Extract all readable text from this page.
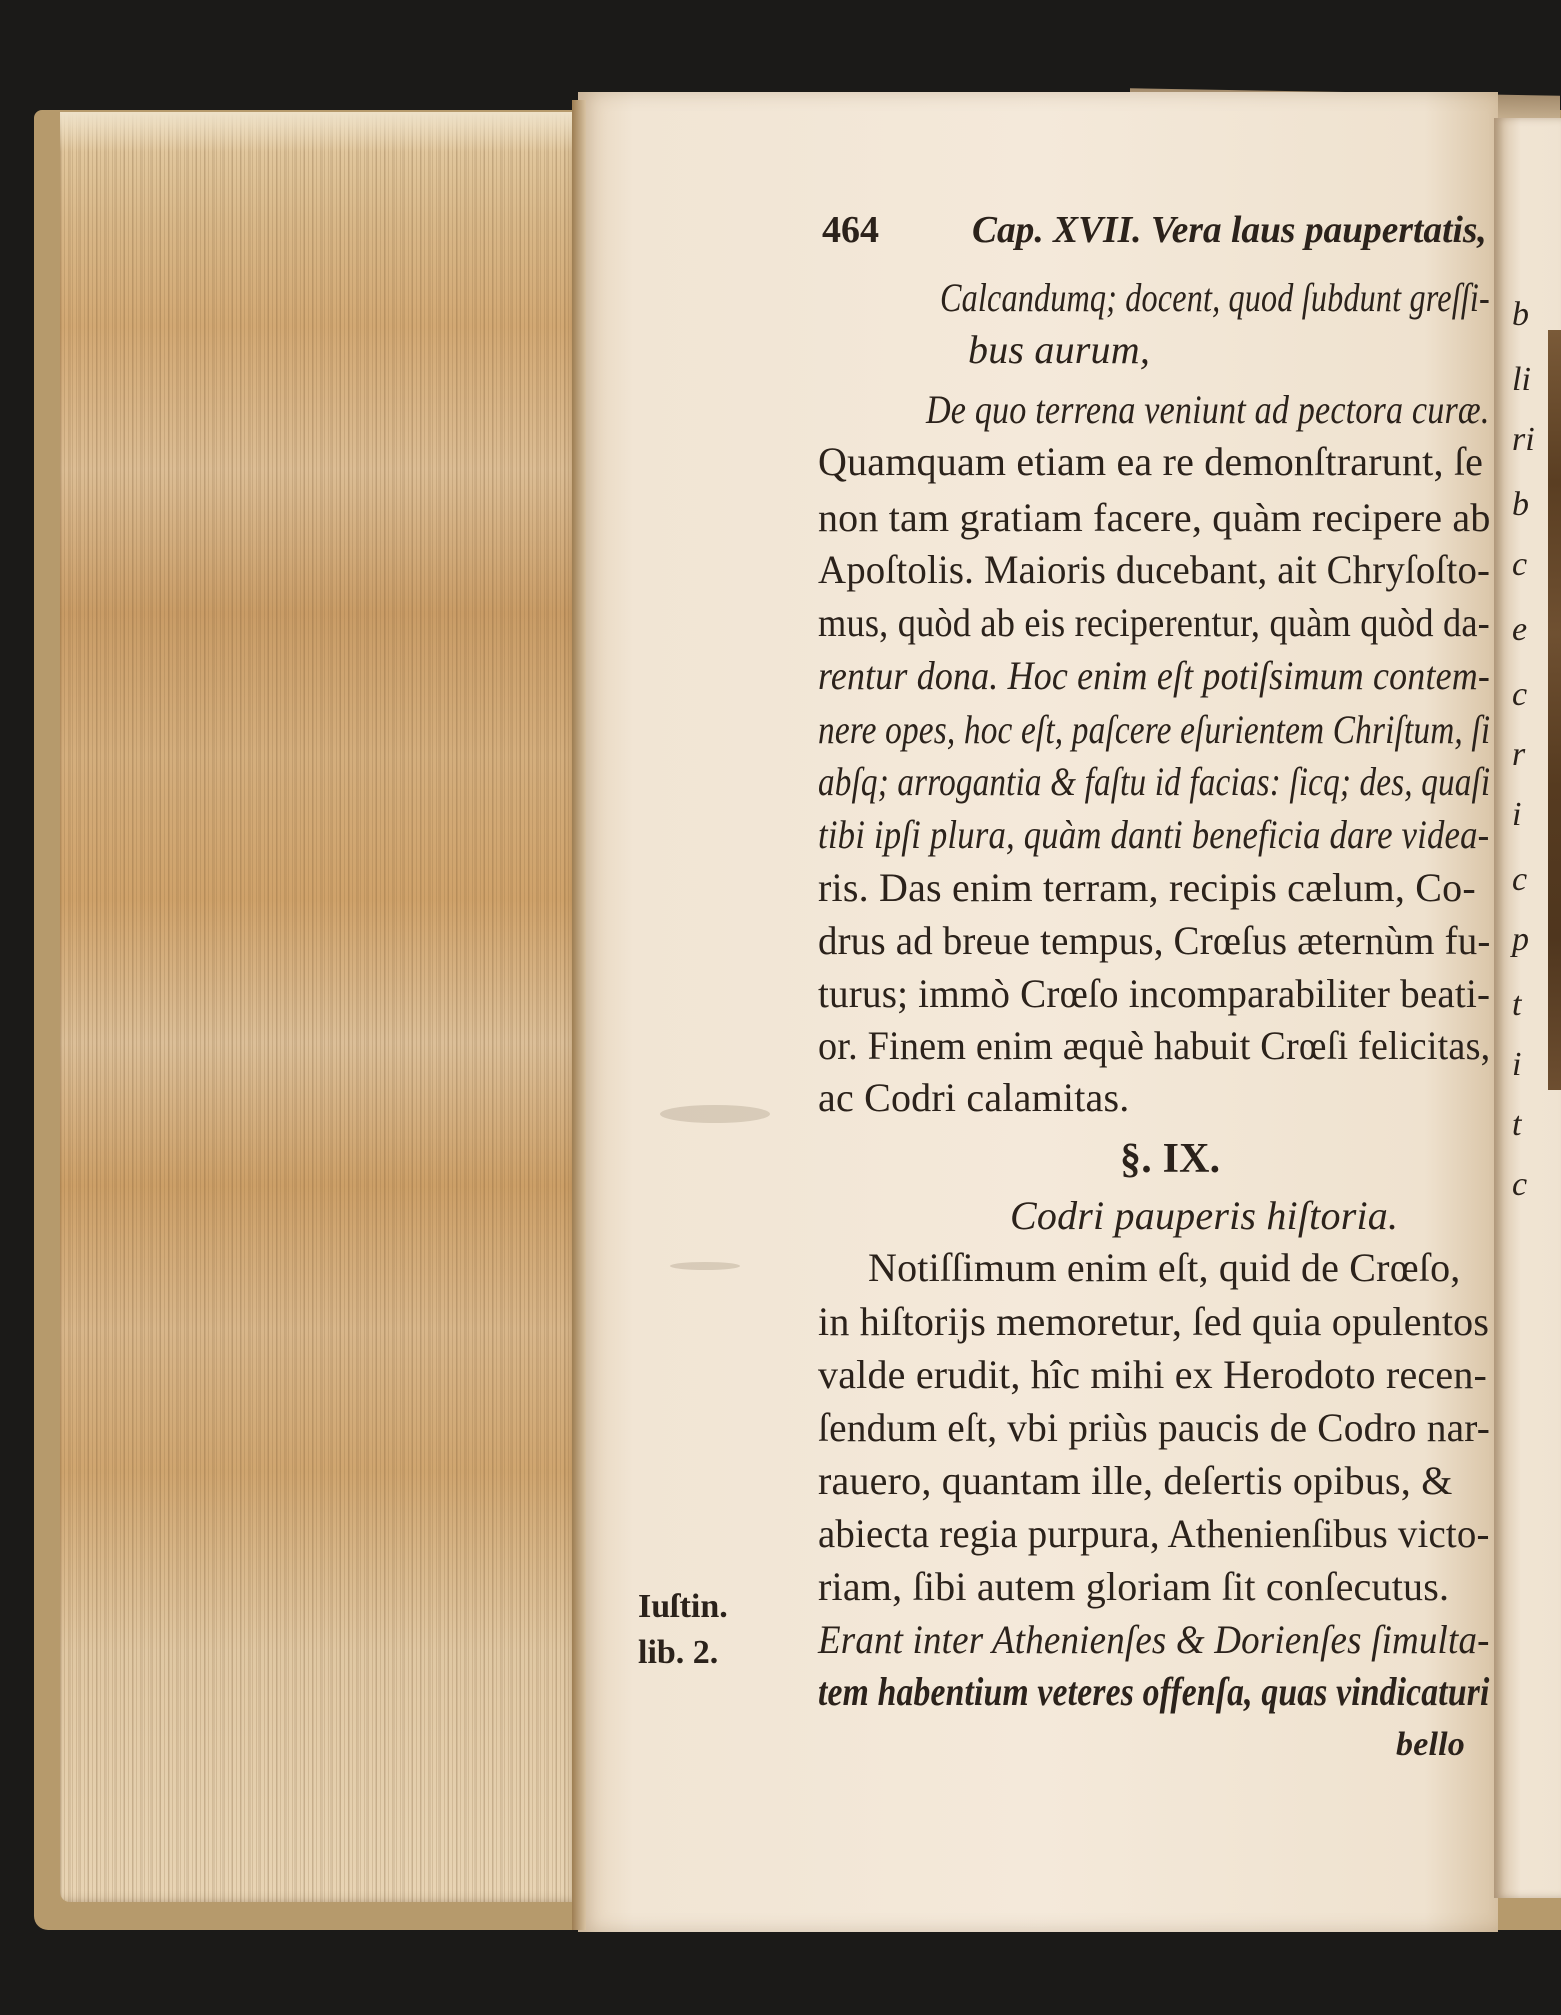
b
li
ri
b
c
e
c
r
i
c
p
t
i
t
c
464 Cap. XVII. Vera laus paupertatis,
Calcandumq; docent, quod ſubdunt greſſi-
bus aurum,
De quo terrena veniunt ad pectora curæ.
Quamquam etiam ea re demonſtrarunt, ſe
non tam gratiam facere, quàm recipere ab
Apoſtolis. Maioris ducebant, ait Chryſoſto-
mus, quòd ab eis reciperentur, quàm quòd da-
rentur dona. Hoc enim eſt potiſsimum contem-
nere opes, hoc eſt, paſcere eſurientem Chriſtum, ſi
abſq; arrogantia & faſtu id facias: ſicq; des, quaſi
tibi ipſi plura, quàm danti beneficia dare videa-
ris. Das enim terram, recipis cælum, Co-
drus ad breue tempus, Crœſus æternùm fu-
turus; immò Crœſo incomparabiliter beati-
or. Finem enim æquè habuit Crœſi felicitas,
ac Codri calamitas.
§. IX.
Codri pauperis hiſtoria.
Notiſſimum enim eſt, quid de Crœſo,
in hiſtorijs memoretur, ſed quia opulentos
valde erudit, hîc mihi ex Herodoto recen-
ſendum eſt, vbi priùs paucis de Codro nar-
rauero, quantam ille, deſertis opibus, &
abiecta regia purpura, Athenienſibus victo-
riam, ſibi autem gloriam ſit conſecutus.
Erant inter Athenienſes & Dorienſes ſimulta-
tem habentium veteres offenſa, quas vindicaturi
bello
Iuſtin.
lib. 2.
